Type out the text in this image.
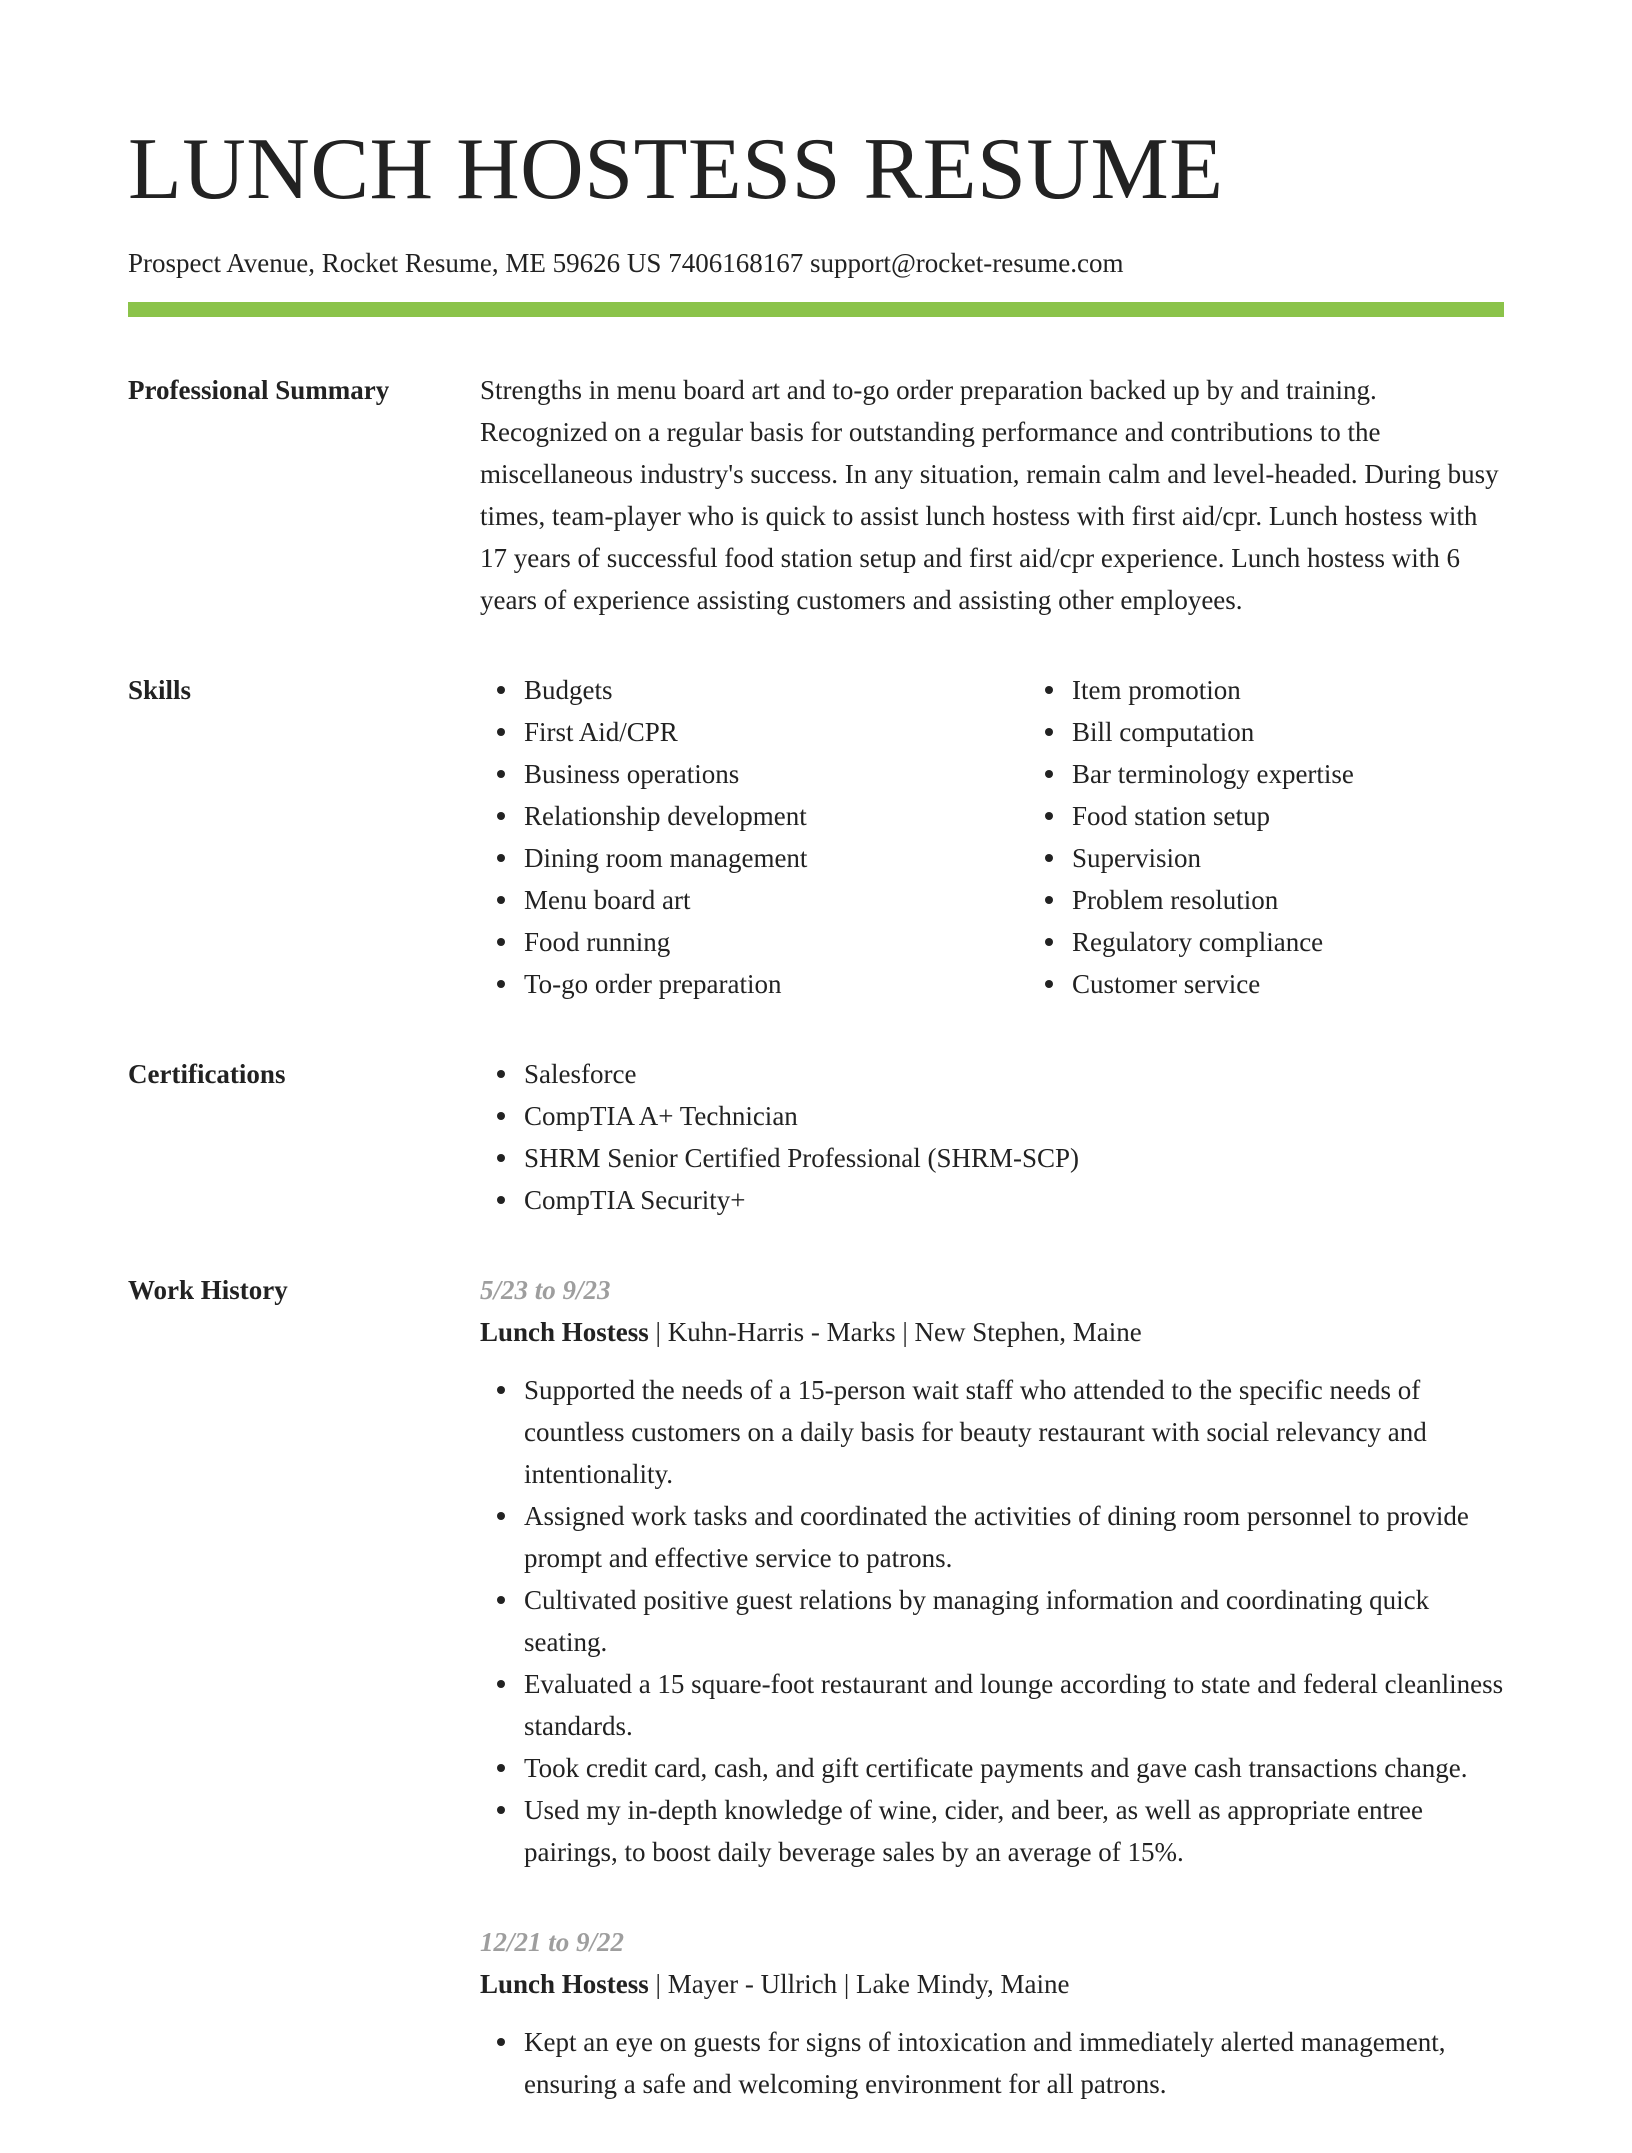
LUNCH HOSTESS RESUME
Prospect Avenue, Rocket Resume, ME 59626 US 7406168167 support@rocket-resume.com
Professional Summary	Strengths in menu board art and to-go order preparation backed up by and training. Recognized on a regular basis for outstanding performance and contributions to the miscellaneous industry's success. In any situation, remain calm and level-headed. During busy times, team-player who is quick to assist lunch hostess with first aid/cpr. Lunch hostess with 17 years of successful food station setup and first aid/cpr experience. Lunch hostess with 6 years of experience assisting customers and assisting other employees.

Skills	Budgets
First Aid/CPR
Business operations
Relationship development
Dining room management
Menu board art
Food running
To-go order preparation
Item promotion
Bill computation
Bar terminology expertise
Food station setup
Supervision
Problem resolution
Regulatory compliance
Customer service
Certifications	Salesforce
CompTIA A+ Technician
SHRM Senior Certified Professional (SHRM-SCP)
CompTIA Security+
Work History	5/23 to 9/23
Lunch Hostess | Kuhn-Harris - Marks | New Stephen, Maine
Supported the needs of a 15-person wait staff who attended to the specific needs of countless customers on a daily basis for beauty restaurant with social relevancy and intentionality.
Assigned work tasks and coordinated the activities of dining room personnel to provide prompt and effective service to patrons.
Cultivated positive guest relations by managing information and coordinating quick seating.
Evaluated a 15 square-foot restaurant and lounge according to state and federal cleanliness standards.
Took credit card, cash, and gift certificate payments and gave cash transactions change.
Used my in-depth knowledge of wine, cider, and beer, as well as appropriate entree pairings, to boost daily beverage sales by an average of 15%.
12/21 to 9/22
Lunch Hostess | Mayer - Ullrich | Lake Mindy, Maine
Kept an eye on guests for signs of intoxication and immediately alerted management, ensuring a safe and welcoming environment for all patrons.
